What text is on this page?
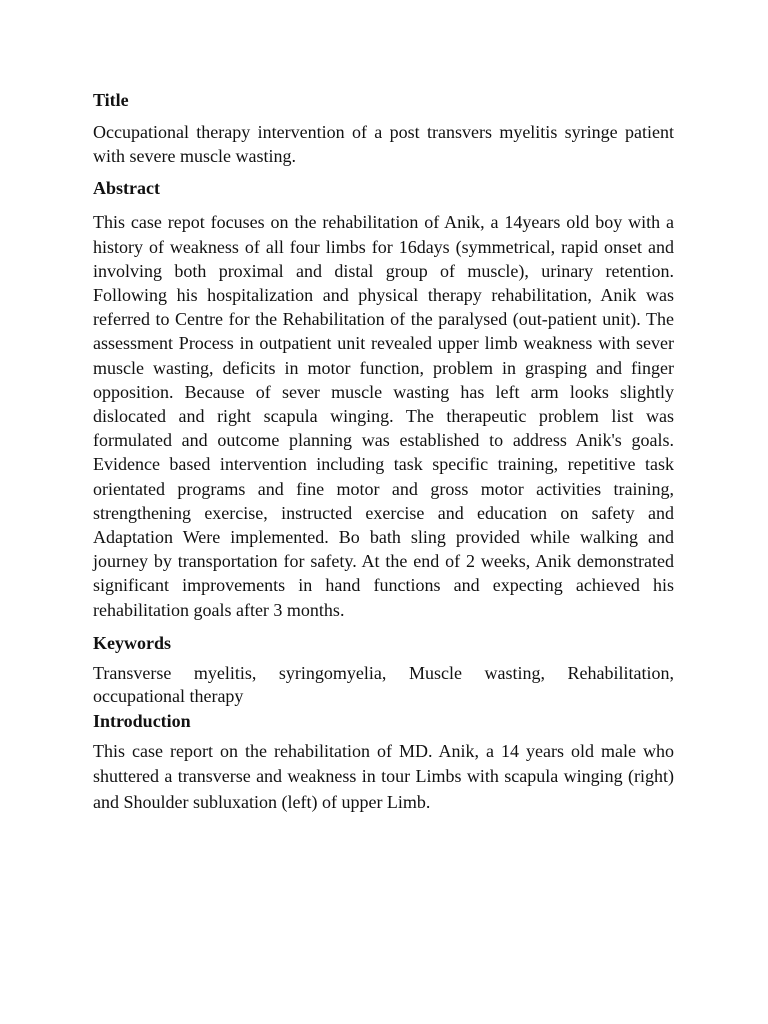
Title

Occupational therapy intervention of a post transvers myelitis syringe patient with severe muscle wasting.

Abstract

This case repot focuses on the rehabilitation of Anik, a 14years old boy with a history of weakness of all four limbs for 16days (symmetrical, rapid onset and involving both proximal and distal group of muscle), urinary retention. Following his hospitalization and physical therapy rehabilitation, Anik was referred to Centre for the Rehabilitation of the paralysed (out-patient unit). The assessment Process in outpatient unit revealed upper limb weakness with sever muscle wasting, deficits in motor function, problem in grasping and finger opposition. Because of sever muscle wasting has left arm looks slightly dislocated and right scapula winging. The therapeutic problem list was formulated and outcome planning was established to address Anik's goals. Evidence based intervention including task specific training, repetitive task orientated programs and fine motor and gross motor activities training, strengthening exercise, instructed exercise and education on safety and Adaptation Were implemented. Bo bath sling provided while walking and journey by transportation for safety. At the end of 2 weeks, Anik demonstrated significant improvements in hand functions and expecting achieved his rehabilitation goals after 3 months.

Keywords

Transverse myelitis, syringomyelia, Muscle wasting, Rehabilitation, occupational therapy

Introduction

This case report on the rehabilitation of MD. Anik, a 14 years old male who shuttered a transverse and weakness in tour Limbs with scapula winging (right) and Shoulder subluxation (left) of upper Limb.
